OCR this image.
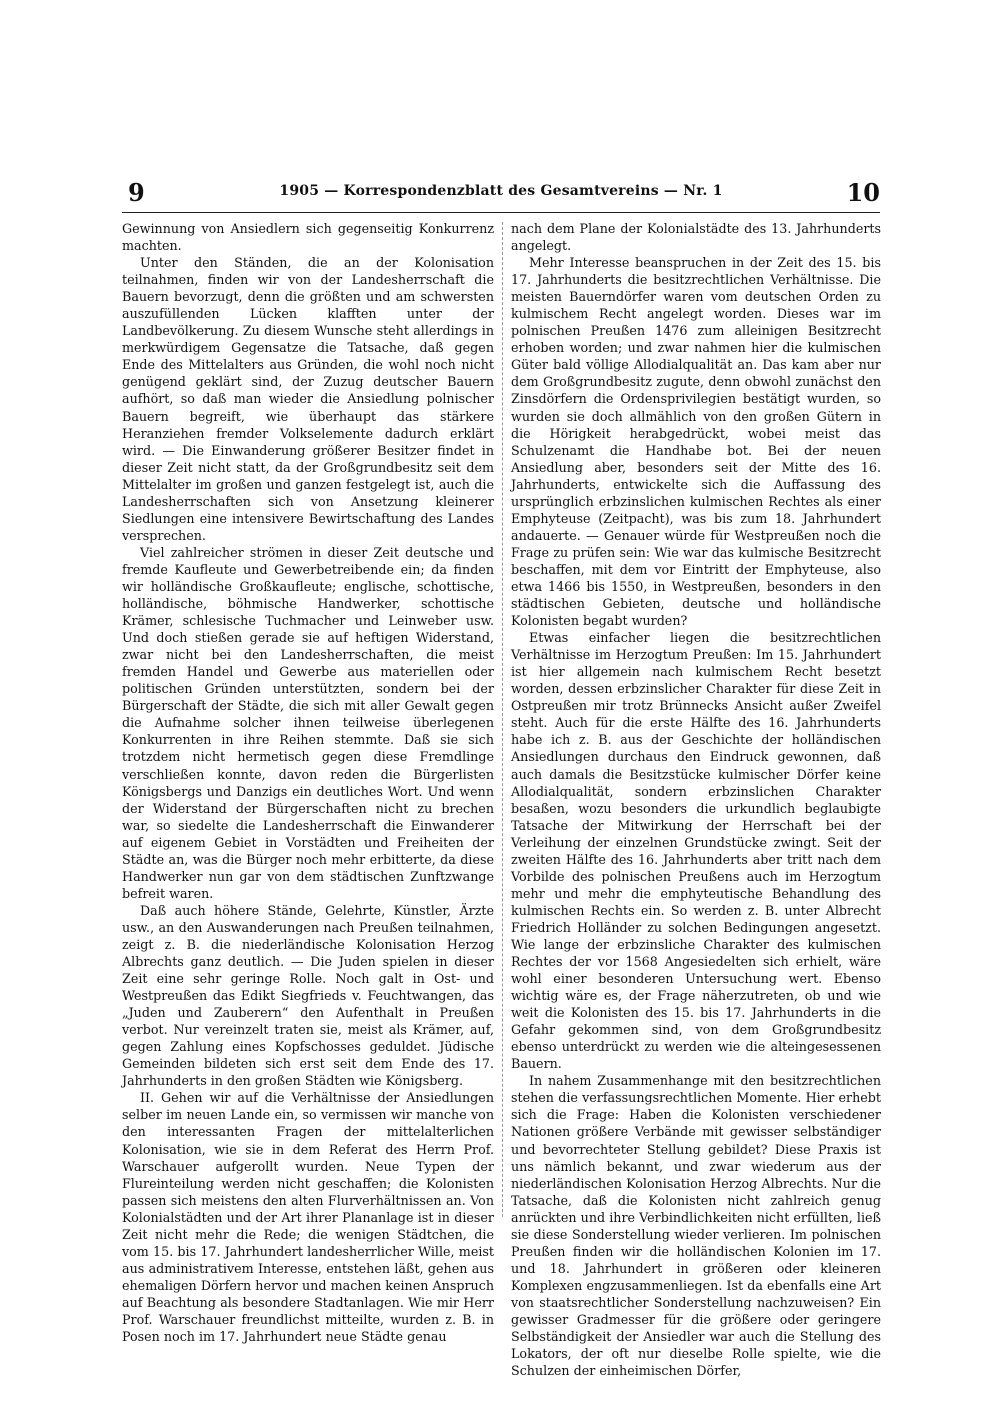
9	1905 — Korrespondenzblatt des Gesamtvereins — Nr. 1	10

Gewinnung von Ansiedlern sich gegenseitig Konkurrenz machten.

Unter den Ständen, die an der Kolonisation teilnahmen, finden wir von der Landesherrschaft die Bauern bevorzugt, denn die größten und am schwersten auszufüllenden Lücken klafften unter der Landbevölkerung. Zu diesem Wunsche steht allerdings in merkwürdigem Gegensatze die Tatsache, daß gegen Ende des Mittelalters aus Gründen, die wohl noch nicht genügend geklärt sind, der Zuzug deutscher Bauern aufhört, so daß man wieder die Ansiedlung polnischer Bauern begreift, wie überhaupt das stärkere Heranziehen fremder Volkselemente dadurch erklärt wird. — Die Einwanderung größerer Besitzer findet in dieser Zeit nicht statt, da der Großgrundbesitz seit dem Mittelalter im großen und ganzen festgelegt ist, auch die Landesherrschaften sich von Ansetzung kleinerer Siedlungen eine intensivere Bewirtschaftung des Landes versprechen.

Viel zahlreicher strömen in dieser Zeit deutsche und fremde Kaufleute und Gewerbetreibende ein; da finden wir holländische Großkaufleute; englische, schottische, holländische, böhmische Handwerker, schottische Krämer, schlesische Tuchmacher und Leinweber usw. Und doch stießen gerade sie auf heftigen Widerstand, zwar nicht bei den Landesherrschaften, die meist fremden Handel und Gewerbe aus materiellen oder politischen Gründen unterstützten, sondern bei der Bürgerschaft der Städte, die sich mit aller Gewalt gegen die Aufnahme solcher ihnen teilweise überlegenen Konkurrenten in ihre Reihen stemmte. Daß sie sich trotzdem nicht hermetisch gegen diese Fremdlinge verschließen konnte, davon reden die Bürgerlisten Königsbergs und Danzigs ein deutliches Wort. Und wenn der Widerstand der Bürgerschaften nicht zu brechen war, so siedelte die Landesherrschaft die Einwanderer auf eigenem Gebiet in Vorstädten und Freiheiten der Städte an, was die Bürger noch mehr erbitterte, da diese Handwerker nun gar von dem städtischen Zunftzwange befreit waren.

Daß auch höhere Stände, Gelehrte, Künstler, Ärzte usw., an den Auswanderungen nach Preußen teilnahmen, zeigt z. B. die niederländische Kolonisation Herzog Albrechts ganz deutlich. — Die Juden spielen in dieser Zeit eine sehr geringe Rolle. Noch galt in Ost- und Westpreußen das Edikt Siegfrieds v. Feuchtwangen, das „Juden und Zauberern“ den Aufenthalt in Preußen verbot. Nur vereinzelt traten sie, meist als Krämer, auf, gegen Zahlung eines Kopfschosses geduldet. Jüdische Gemeinden bildeten sich erst seit dem Ende des 17. Jahrhunderts in den großen Städten wie Königsberg.

II. Gehen wir auf die Verhältnisse der Ansiedlungen selber im neuen Lande ein, so vermissen wir manche von den interessanten Fragen der mittelalterlichen Kolonisation, wie sie in dem Referat des Herrn Prof. Warschauer aufgerollt wurden. Neue Typen der Flureinteilung werden nicht geschaffen; die Kolonisten passen sich meistens den alten Flurverhältnissen an. Von Kolonialstädten und der Art ihrer Plananlage ist in dieser Zeit nicht mehr die Rede; die wenigen Städtchen, die vom 15. bis 17. Jahrhundert landesherrlicher Wille, meist aus administrativem Interesse, entstehen läßt, gehen aus ehemaligen Dörfern hervor und machen keinen Anspruch auf Beachtung als besondere Stadtanlagen. Wie mir Herr Prof. Warschauer freundlichst mitteilte, wurden z. B. in Posen noch im 17. Jahrhundert neue Städte genau

nach dem Plane der Kolonialstädte des 13. Jahrhunderts angelegt.

Mehr Interesse beanspruchen in der Zeit des 15. bis 17. Jahrhunderts die besitzrechtlichen Verhältnisse. Die meisten Bauerndörfer waren vom deutschen Orden zu kulmischem Recht angelegt worden. Dieses war im polnischen Preußen 1476 zum alleinigen Besitzrecht erhoben worden; und zwar nahmen hier die kulmischen Güter bald völlige Allodialqualität an. Das kam aber nur dem Großgrundbesitz zugute, denn obwohl zunächst den Zinsdörfern die Ordensprivilegien bestätigt wurden, so wurden sie doch allmählich von den großen Gütern in die Hörigkeit herabgedrückt, wobei meist das Schulzenamt die Handhabe bot. Bei der neuen Ansiedlung aber, besonders seit der Mitte des 16. Jahrhunderts, entwickelte sich die Auffassung des ursprünglich erbzinslichen kulmischen Rechtes als einer Emphyteuse (Zeitpacht), was bis zum 18. Jahrhundert andauerte. — Genauer würde für Westpreußen noch die Frage zu prüfen sein: Wie war das kulmische Besitzrecht beschaffen, mit dem vor Eintritt der Emphyteuse, also etwa 1466 bis 1550, in Westpreußen, besonders in den städtischen Gebieten, deutsche und holländische Kolonisten begabt wurden?

Etwas einfacher liegen die besitzrechtlichen Verhältnisse im Herzogtum Preußen: Im 15. Jahrhundert ist hier allgemein nach kulmischem Recht besetzt worden, dessen erbzinslicher Charakter für diese Zeit in Ostpreußen mir trotz Brünnecks Ansicht außer Zweifel steht. Auch für die erste Hälfte des 16. Jahrhunderts habe ich z. B. aus der Geschichte der holländischen Ansiedlungen durchaus den Eindruck gewonnen, daß auch damals die Besitzstücke kulmischer Dörfer keine Allodialqualität, sondern erbzinslichen Charakter besaßen, wozu besonders die urkundlich beglaubigte Tatsache der Mitwirkung der Herrschaft bei der Verleihung der einzelnen Grundstücke zwingt. Seit der zweiten Hälfte des 16. Jahrhunderts aber tritt nach dem Vorbilde des polnischen Preußens auch im Herzogtum mehr und mehr die emphyteutische Behandlung des kulmischen Rechts ein. So werden z. B. unter Albrecht Friedrich Holländer zu solchen Bedingungen angesetzt. Wie lange der erbzinsliche Charakter des kulmischen Rechtes der vor 1568 Angesiedelten sich erhielt, wäre wohl einer besonderen Untersuchung wert. Ebenso wichtig wäre es, der Frage näherzutreten, ob und wie weit die Kolonisten des 15. bis 17. Jahrhunderts in die Gefahr gekommen sind, von dem Großgrundbesitz ebenso unterdrückt zu werden wie die alteingesessenen Bauern.

In nahem Zusammenhange mit den besitzrechtlichen stehen die verfassungsrechtlichen Momente. Hier erhebt sich die Frage: Haben die Kolonisten verschiedener Nationen größere Verbände mit gewisser selbständiger und bevorrechteter Stellung gebildet? Diese Praxis ist uns nämlich bekannt, und zwar wiederum aus der niederländischen Kolonisation Herzog Albrechts. Nur die Tatsache, daß die Kolonisten nicht zahlreich genug anrückten und ihre Verbindlichkeiten nicht erfüllten, ließ sie diese Sonderstellung wieder verlieren. Im polnischen Preußen finden wir die holländischen Kolonien im 17. und 18. Jahrhundert in größeren oder kleineren Komplexen engzusammenliegen. Ist da ebenfalls eine Art von staatsrechtlicher Sonderstellung nachzuweisen? Ein gewisser Gradmesser für die größere oder geringere Selbständigkeit der Ansiedler war auch die Stellung des Lokators, der oft nur dieselbe Rolle spielte, wie die Schulzen der einheimischen Dörfer,
